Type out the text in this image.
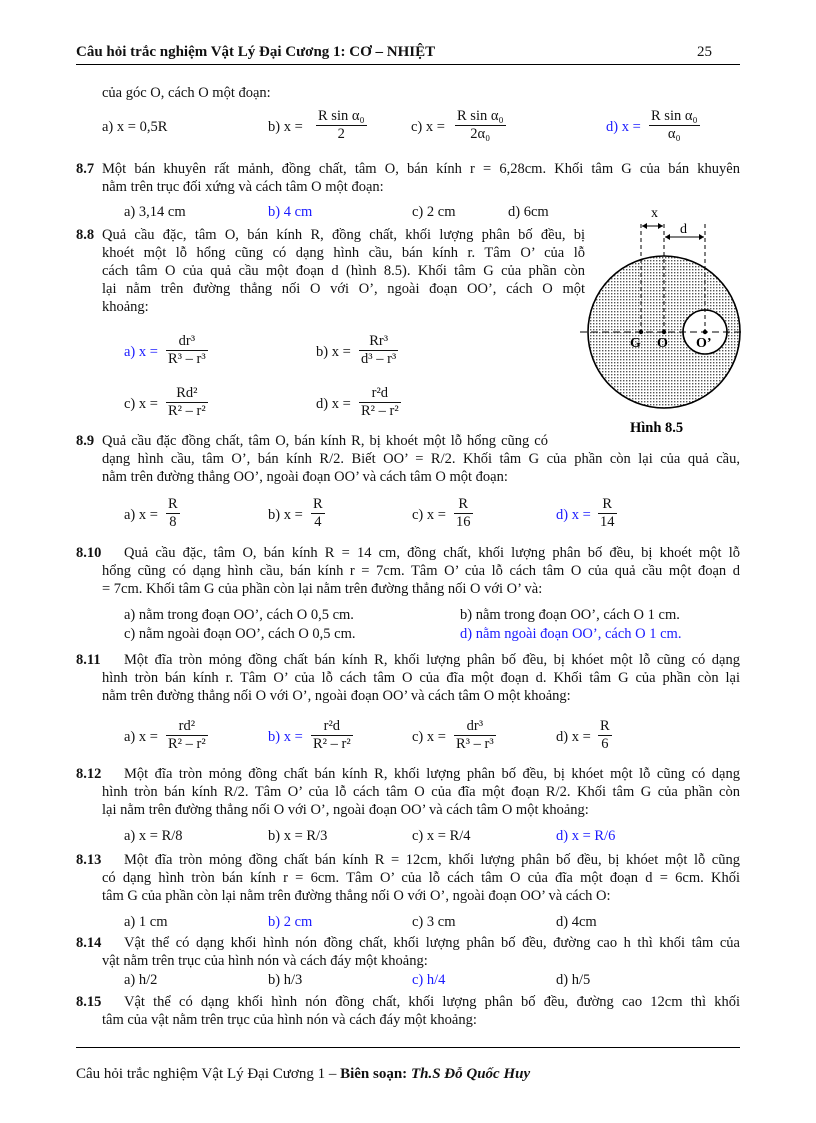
Câu hỏi trắc nghiệm Vật Lý Đại Cương 1: CƠ – NHIỆT	25
của góc O, cách O một đoạn:
a) x = 0,5R	b) $x = \frac{\text{R sin α₀}}{2}$	c) $x = \frac{\text{R sin α₀}}{\text{2α₀}}$	d) $x = \frac{\text{R sin α₀}}{\text{α₀}}$
8.7 Một bán khuyên rất mảnh, đồng chất, tâm O, bán kính r = 6,28cm. Khối tâm G của bán khuyên
nằm trên trục đối xứng và cách tâm O một đoạn:
a) 3,14 cm	b) 4 cm	c) 2 cm	d) 6cm
8.8 Quả cầu đặc, tâm O, bán kính R, đồng chất, khối lượng phân bố đều, bị
khoét một lỗ hổng cũng có dạng hình cầu, bán kính r. Tâm O’ của lỗ
cách tâm O của quả cầu một đoạn d (hình 8.5). Khối tâm G của phần còn
lại nằm trên đường thẳng nối O với O’, ngoài đoạn OO’, cách O một
khoảng:
a) $x = \frac{\text{dr³}}{\text{R³ – r³}}$	b) $x = \frac{\text{Rr³}}{\text{d³ – r³}}$
c) $x = \frac{\text{Rd²}}{\text{R² – r²}}$	d) $x = \frac{\text{r²d}}{\text{R² – r²}}$
x
d
G O O’
Hình 8.5
8.9 Quả cầu đặc đồng chất, tâm O, bán kính R, bị khoét một lỗ hổng cũng có
dạng hình cầu, tâm O’, bán kính R/2. Biết OO’ = R/2. Khối tâm G của phần còn lại của quả cầu,
nằm trên đường thẳng OO’, ngoài đoạn OO’ và cách tâm O một đoạn:
a) $x = \frac{R}{8}$	b) $x = \frac{R}{4}$	c) $x = \frac{R}{16}$	d) $x = \frac{R}{14}$
8.10 Quả cầu đặc, tâm O, bán kính R = 14 cm, đồng chất, khối lượng phân bố đều, bị khoét một lỗ
hổng cũng có dạng hình cầu, bán kính r = 7cm. Tâm O’ của lỗ cách tâm O của quả cầu một đoạn d
= 7cm. Khối tâm G của phần còn lại nằm trên đường thẳng nối O với O’ và:
a) nằm trong đoạn OO’, cách O 0,5 cm.	b) nằm trong đoạn OO’, cách O 1 cm.
c) nằm ngoài đoạn OO’, cách O 0,5 cm.	d) nằm ngoài đoạn OO’, cách O 1 cm.
8.11 Một đĩa tròn mỏng đồng chất bán kính R, khối lượng phân bố đều, bị khóet một lỗ cũng có dạng
hình tròn bán kính r. Tâm O’ của lỗ cách tâm O của đĩa một đoạn d. Khối tâm G của phần còn lại
nằm trên đường thẳng nối O với O’, ngoài đoạn OO’ và cách tâm O một khoảng:
a) $x = \frac{\text{rd²}}{\text{R² – r²}}$	b) $x = \frac{\text{r²d}}{\text{R² – r²}}$	c) $x = \frac{\text{dr³}}{\text{R³ – r³}}$	d) $x = \frac{R}{6}$
8.12 Một đĩa tròn mỏng đồng chất bán kính R, khối lượng phân bố đều, bị khóet một lỗ cũng có dạng
hình tròn bán kính R/2. Tâm O’ của lỗ cách tâm O của đĩa một đoạn R/2. Khối tâm G của phần còn
lại nằm trên đường thẳng nối O với O’, ngoài đoạn OO’ và cách tâm O một khoảng:
a) x = R/8	b) x = R/3	c) x = R/4	d) x = R/6
8.13 Một đĩa tròn mỏng đồng chất bán kính R = 12cm, khối lượng phân bố đều, bị khóet một lỗ cũng
có dạng hình tròn bán kính r = 6cm. Tâm O’ của lỗ cách tâm O của đĩa một đoạn d = 6cm. Khối
tâm G của phần còn lại nằm trên đường thẳng nối O với O’, ngoài đoạn OO’ và cách O:
a) 1 cm	b) 2 cm	c) 3 cm	d) 4cm
8.14 Vật thể có dạng khối hình nón đồng chất, khối lượng phân bố đều, đường cao h thì khối tâm của
vật nằm trên trục của hình nón và cách đáy một khoảng:
a) h/2	b) h/3	c) h/4	d) h/5
8.15 Vật thể có dạng khối hình nón đồng chất, khối lượng phân bố đều, đường cao 12cm thì khối
tâm của vật nằm trên trục của hình nón và cách đáy một khoảng:
Câu hỏi trắc nghiệm Vật Lý Đại Cương 1 – Biên soạn: Th.S Đỗ Quốc Huy
